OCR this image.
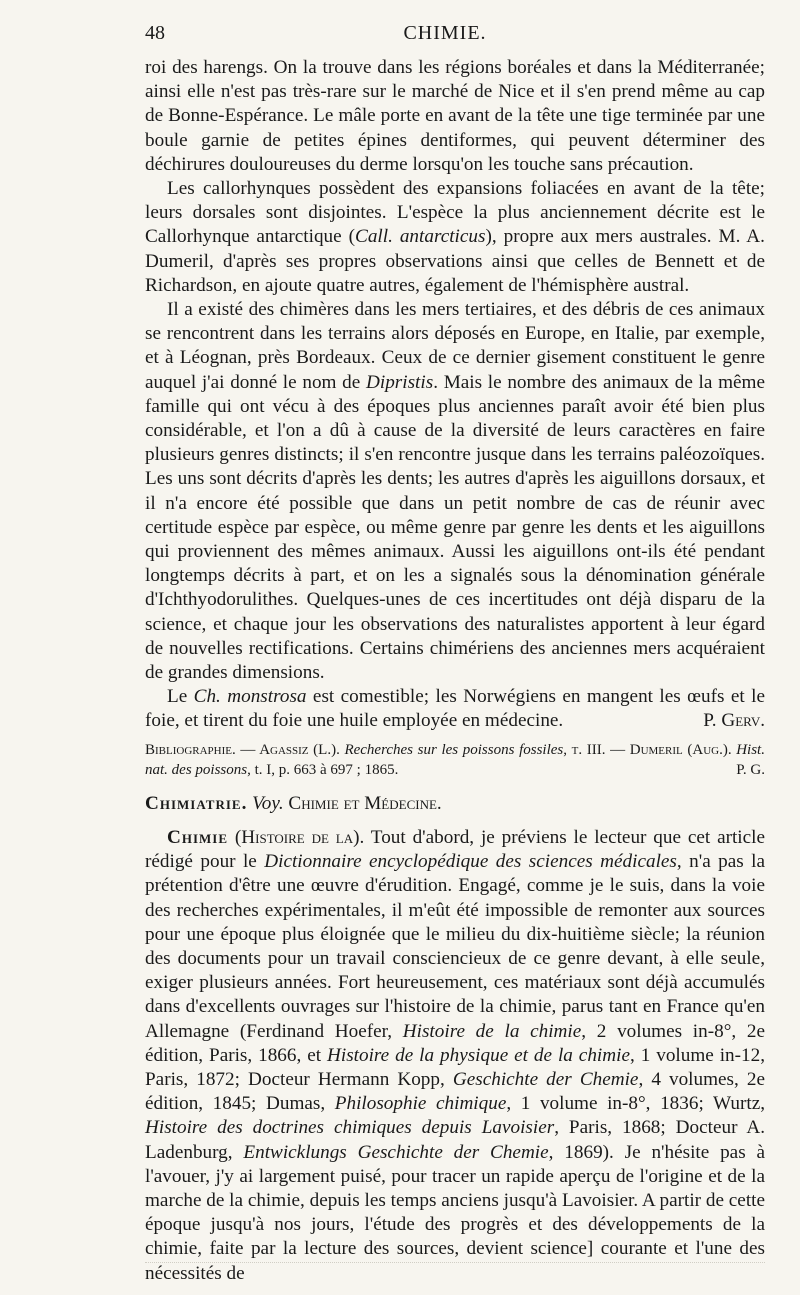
48	CHIMIE.

roi des harengs. On la trouve dans les régions boréales et dans la Méditerranée; ainsi elle n'est pas très-rare sur le marché de Nice et il s'en prend même au cap de Bonne-Espérance. Le mâle porte en avant de la tête une tige terminée par une boule garnie de petites épines dentiformes, qui peuvent déterminer des déchirures douloureuses du derme lorsqu'on les touche sans précaution.

Les callorhynques possèdent des expansions foliacées en avant de la tête; leurs dorsales sont disjointes. L'espèce la plus anciennement décrite est le Callorhynque antarctique (Call. antarcticus), propre aux mers australes. M. A. Dumeril, d'après ses propres observations ainsi que celles de Bennett et de Richardson, en ajoute quatre autres, également de l'hémisphère austral.

Il a existé des chimères dans les mers tertiaires, et des débris de ces animaux se rencontrent dans les terrains alors déposés en Europe, en Italie, par exemple, et à Léognan, près Bordeaux. Ceux de ce dernier gisement constituent le genre auquel j'ai donné le nom de Dipristis. Mais le nombre des animaux de la même famille qui ont vécu à des époques plus anciennes paraît avoir été bien plus considérable, et l'on a dû à cause de la diversité de leurs caractères en faire plusieurs genres distincts; il s'en rencontre jusque dans les terrains paléozoïques. Les uns sont décrits d'après les dents; les autres d'après les aiguillons dorsaux, et il n'a encore été possible que dans un petit nombre de cas de réunir avec certitude espèce par espèce, ou même genre par genre les dents et les aiguillons qui proviennent des mêmes animaux. Aussi les aiguillons ont-ils été pendant longtemps décrits à part, et on les a signalés sous la dénomination générale d'Ichthyodorulithes. Quelques-unes de ces incertitudes ont déjà disparu de la science, et chaque jour les observations des naturalistes apportent à leur égard de nouvelles rectifications. Certains chimériens des anciennes mers acquéraient de grandes dimensions.

Le Ch. monstrosa est comestible; les Norwégiens en mangent les œufs et le foie, et tirent du foie une huile employée en médecine.	P. Gerv.

Bibliographie. — Agassiz (L.). Recherches sur les poissons fossiles, t. III. — Dumeril (Aug.). Hist. nat. des poissons, t. I, p. 663 à 697 ; 1865.	P. G.

Chimiatrie. Voy. Chimie et Médecine.

Chimie (Histoire de la). Tout d'abord, je préviens le lecteur que cet article rédigé pour le Dictionnaire encyclopédique des sciences médicales, n'a pas la prétention d'être une œuvre d'érudition. Engagé, comme je le suis, dans la voie des recherches expérimentales, il m'eût été impossible de remonter aux sources pour une époque plus éloignée que le milieu du dix-huitième siècle; la réunion des documents pour un travail consciencieux de ce genre devant, à elle seule, exiger plusieurs années. Fort heureusement, ces matériaux sont déjà accumulés dans d'excellents ouvrages sur l'histoire de la chimie, parus tant en France qu'en Allemagne (Ferdinand Hoefer, Histoire de la chimie, 2 volumes in-8°, 2e édition, Paris, 1866, et Histoire de la physique et de la chimie, 1 volume in-12, Paris, 1872; Docteur Hermann Kopp, Geschichte der Chemie, 4 volumes, 2e édition, 1845; Dumas, Philosophie chimique, 1 volume in-8°, 1836; Wurtz, Histoire des doctrines chimiques depuis Lavoisier, Paris, 1868; Docteur A. Ladenburg, Entwicklungs Geschichte der Chemie, 1869). Je n'hésite pas à l'avouer, j'y ai largement puisé, pour tracer un rapide aperçu de l'origine et de la marche de la chimie, depuis les temps anciens jusqu'à Lavoisier. A partir de cette époque jusqu'à nos jours, l'étude des progrès et des développements de la chimie, faite par la lecture des sources, devient science] courante et l'une des nécessités de
